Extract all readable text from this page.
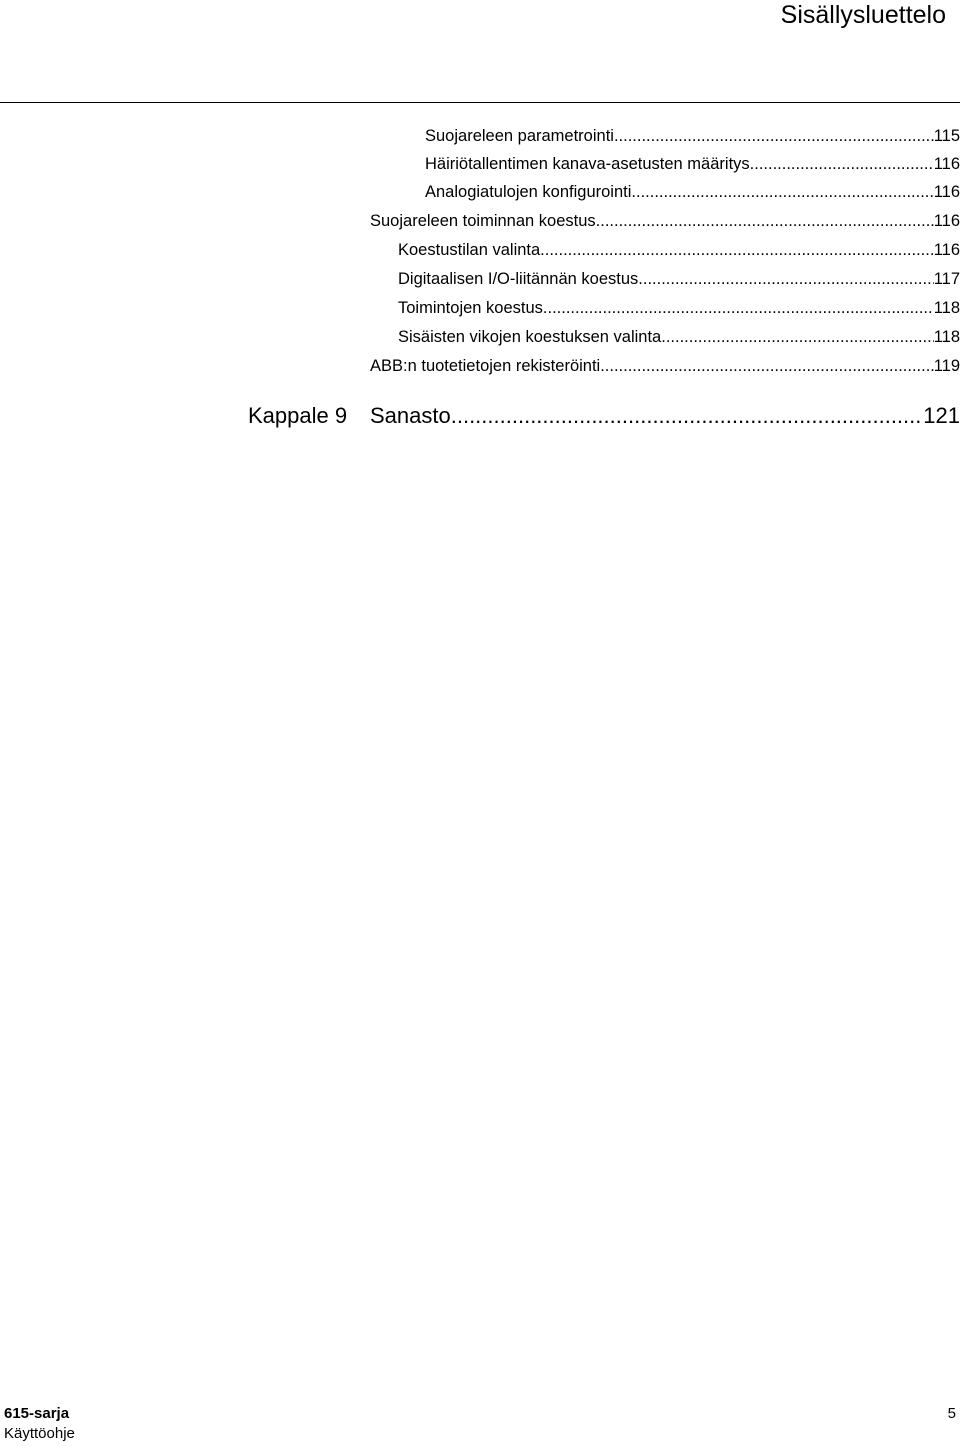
Sisällysluettelo
Suojareleen parametrointi .....	115
Häiriötallentimen kanava-asetusten määritys .....	116
Analogiatulojen konfigurointi .....	116
Suojareleen toiminnan koestus .....	116
Koestustilan valinta .....	116
Digitaalisen I/O-liitännän koestus .....	117
Toimintojen koestus .....	118
Sisäisten vikojen koestuksen valinta .....	118
ABB:n tuotetietojen rekisteröinti .....	119
Kappale 9	Sanasto .....	121
615-sarja
Käyttöohje
5
